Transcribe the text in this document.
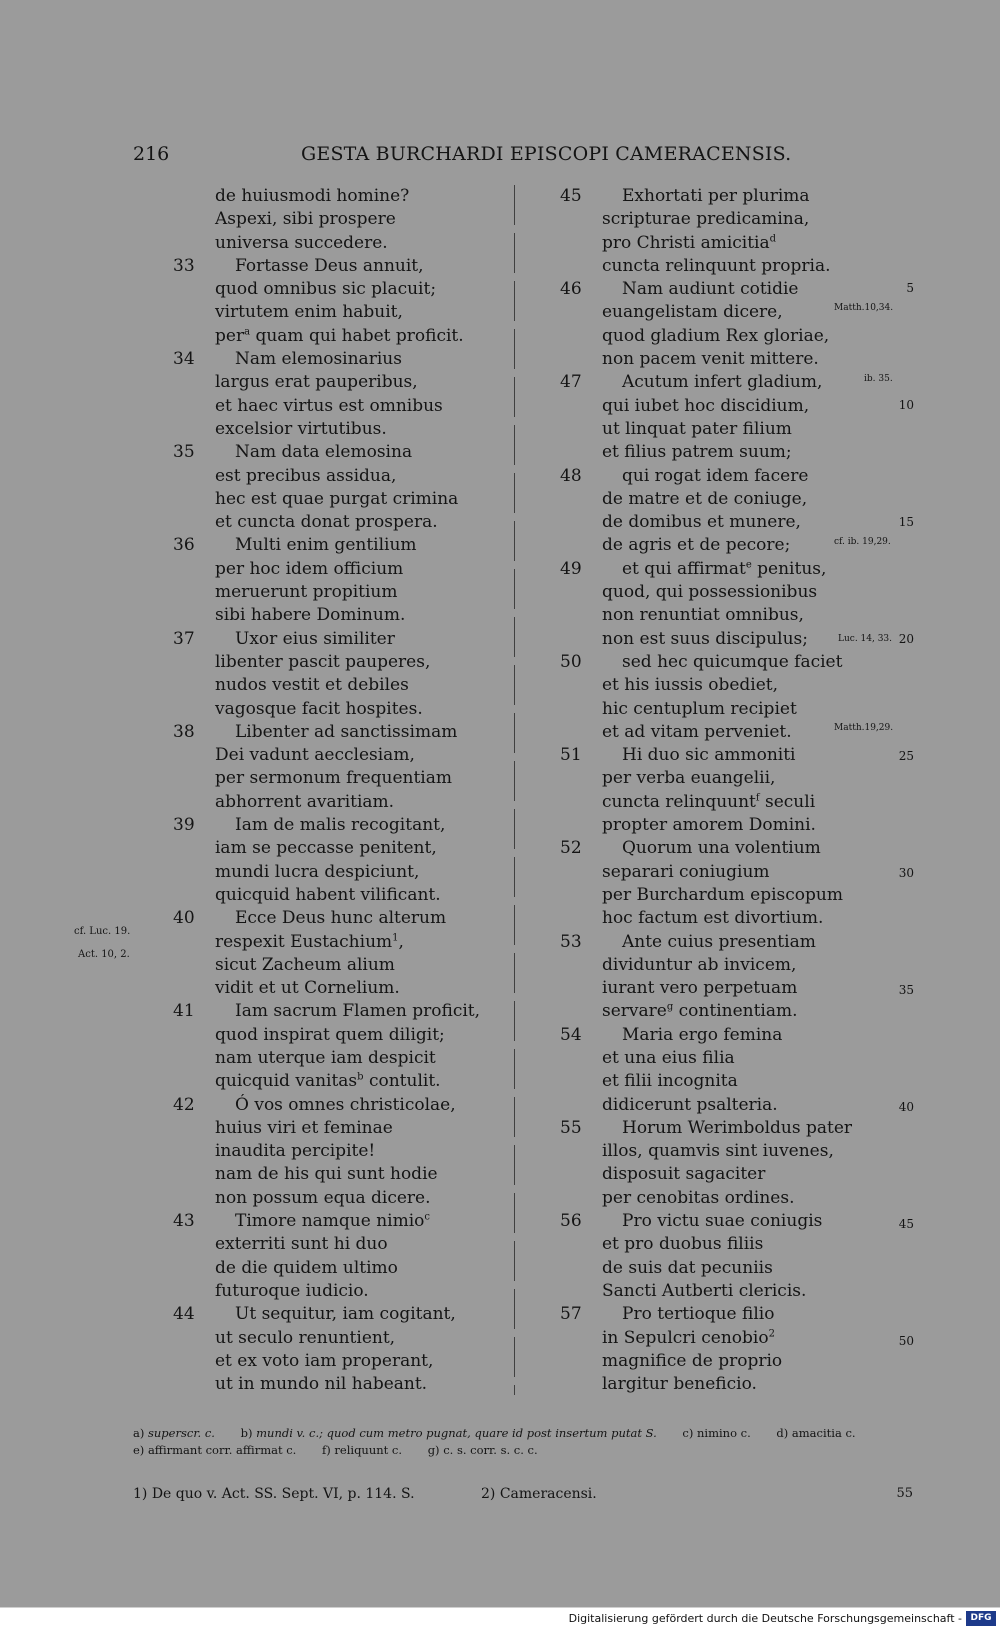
216	GESTA BURCHARDI EPISCOPI CAMERACENSIS.
de huiusmodi homine?
Aspexi, sibi prospere
universa succedere.
33	Fortasse Deus annuit,
quod omnibus sic placuit;
virtutem enim habuit,
per$^a$ quam qui habet proficit.
34	Nam elemosinarius
largus erat pauperibus,
et haec virtus est omnibus
excelsior virtutibus.
35	Nam data elemosina
est precibus assidua,
hec est quae purgat crimina
et cuncta donat prospera.
36	Multi enim gentilium
per hoc idem officium
meruerunt propitium
sibi habere Dominum.
37	Uxor eius similiter
libenter pascit pauperes,
nudos vestit et debiles
vagosque facit hospites.
38	Libenter ad sanctissimam
Dei vadunt aecclesiam,
per sermonum frequentiam
abhorrent avaritiam.
39	Iam de malis recogitant,
iam se peccasse penitent,
mundi lucra despiciunt,
quicquid habent vilificant.
40	Ecce Deus hunc alterum
respexit Eustachium$^1$,
sicut Zacheum alium
vidit et ut Cornelium.
41	Iam sacrum Flamen proficit,
quod inspirat quem diligit;
nam uterque iam despicit
quicquid vanitas$^b$ contulit.
42	Ó vos omnes christicolae,
huius viri et feminae
inaudita percipite!
nam de his qui sunt hodie
non possum equa dicere.
43	Timore namque nimio$^c$
exterriti sunt hi duo
de die quidem ultimo
futuroque iudicio.
44	Ut sequitur, iam cogitant,
ut seculo renuntient,
et ex voto iam properant,
ut in mundo nil habeant.
45	Exhortati per plurima
scripturae predicamina,
pro Christi amicitia$^d$
cuncta relinquunt propria.
46	Nam audiunt cotidie
euangelistam dicere,
quod gladium Rex gloriae,
non pacem venit mittere.
47	Acutum infert gladium,
qui iubet hoc discidium,
ut linquat pater filium
et filius patrem suum;
48	qui rogat idem facere
de matre et de coniuge,
de domibus et munere,
de agris et de pecore;
49	et qui affirmat$^e$ penitus,
quod, qui possessionibus
non renuntiat omnibus,
non est suus discipulus;
50	sed hec quicumque faciet
et his iussis obediet,
hic centuplum recipiet
et ad vitam perveniet.
51	Hi duo sic ammoniti
per verba euangelii,
cuncta relinquunt$^f$ seculi
propter amorem Domini.
52	Quorum una volentium
separari coniugium
per Burchardum episcopum
hoc factum est divortium.
53	Ante cuius presentiam
dividuntur ab invicem,
iurant vero perpetuam
servare$^g$ continentiam.
54	Maria ergo femina
et una eius filia
et filii incognita
didicerunt psalteria.
55	Horum Werimboldus pater
illos, quamvis sint iuvenes,
disposuit sagaciter
per cenobitas ordines.
56	Pro victu suae coniugis
et pro duobus filiis
de suis dat pecuniis
Sancti Autberti clericis.
57	Pro tertioque filio
in Sepulcri cenobio$^2$
magnifice de proprio
largitur beneficio.
cf. Luc. 19.
Act. 10, 2.
Matth.10,34.
ib. 35.
cf. ib. 19,29.
Luc. 14, 33.
Matth.19,29.
5
10
15
20
25
30
35
40
45
50
a) superscr. c. b) mundi v. c.; quod cum metro pugnat, quare id post insertum putat S. c) nimino c. d) amacitia c.
e) affirmant corr. affirmat c. f) reliquunt c. g) c. s. corr. s. c. c.
1) De quo v. Act. SS. Sept. VI, p. 114. S.	2) Cameracensi.	55
Digitalisierung gefördert durch die Deutsche Forschungsgemeinschaft - DFG
